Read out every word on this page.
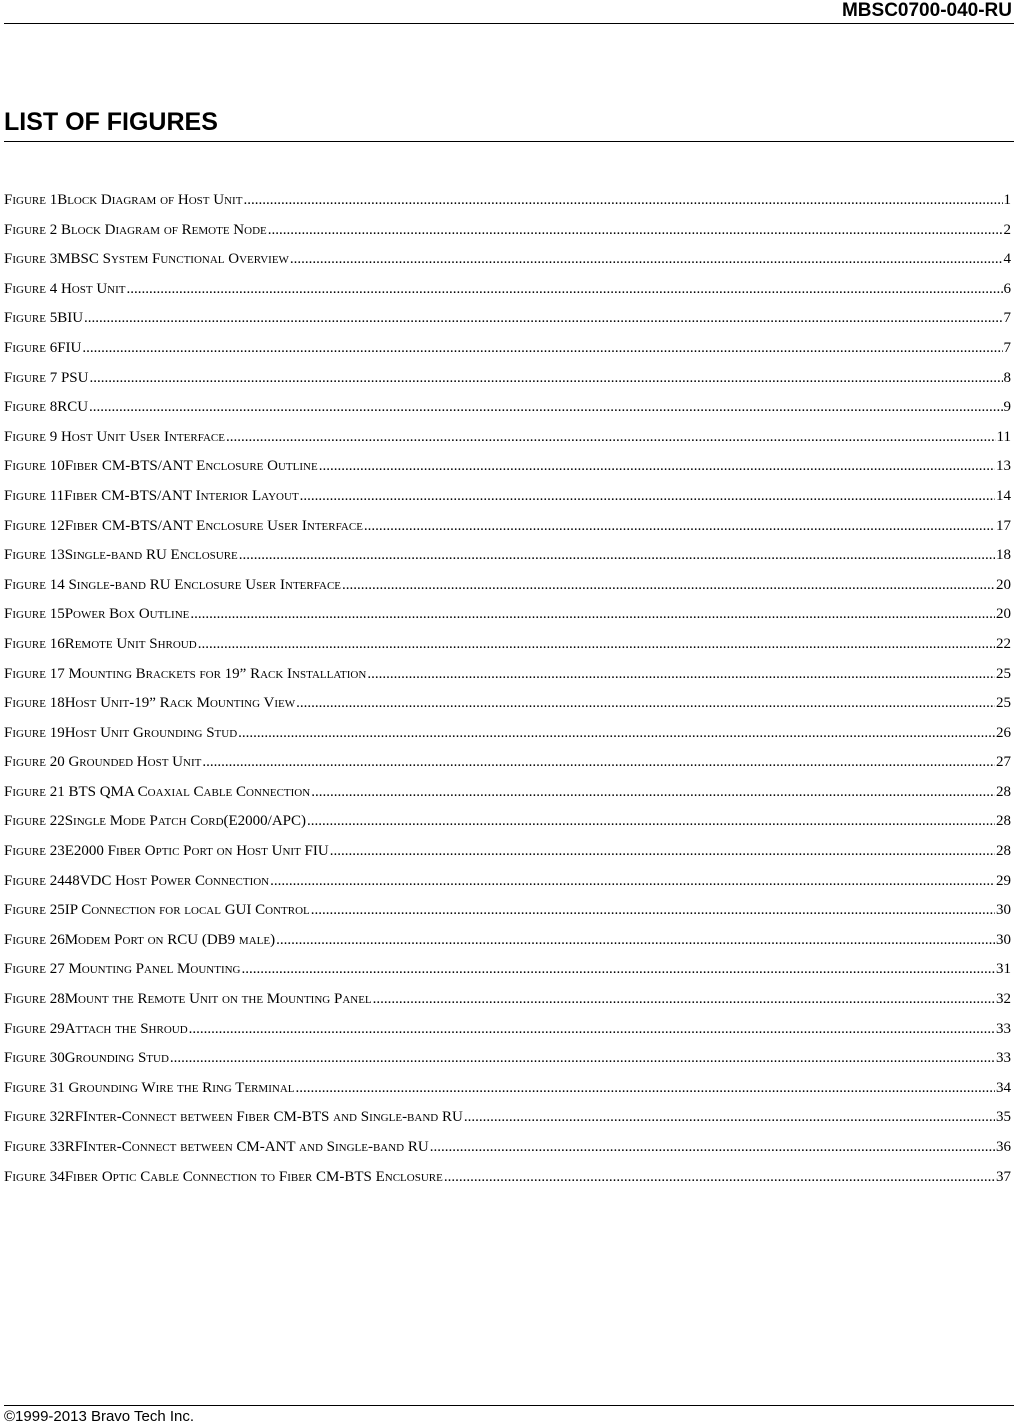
MBSC0700-040-RU
LIST OF FIGURES
Figure 1Block Diagram of Host Unit .....	1
Figure 2 Block Diagram of Remote Node .....	2
Figure 3MBSC System Functional Overview .....	4
Figure 4 Host Unit .....	6
Figure 5BIU .....	7
Figure 6FIU .....	7
Figure 7 PSU .....	8
Figure 8RCU .....	9
Figure 9 Host Unit User Interface .....	11
Figure 10Fiber CM-BTS/ANT Enclosure Outline .....	13
Figure 11Fiber CM-BTS/ANT Interior Layout .....	14
Figure 12Fiber CM-BTS/ANT Enclosure User Interface .....	17
Figure 13Single-band RU Enclosure .....	18
Figure 14 Single-band RU Enclosure User Interface .....	20
Figure 15Power Box Outline .....	20
Figure 16Remote Unit Shroud .....	22
Figure 17 Mounting Brackets for 19” Rack Installation .....	25
Figure 18Host Unit-19” Rack Mounting View .....	25
Figure 19Host Unit Grounding Stud .....	26
Figure 20 Grounded Host Unit .....	27
Figure 21 BTS QMA Coaxial Cable Connection .....	28
Figure 22Single Mode Patch Cord(E2000/APC) .....	28
Figure 23E2000 Fiber Optic Port on Host Unit FIU .....	28
Figure 2448VDC Host Power Connection .....	29
Figure 25IP Connection for local GUI Control .....	30
Figure 26Modem Port on RCU (DB9 male) .....	30
Figure 27 Mounting Panel Mounting .....	31
Figure 28Mount the Remote Unit on the Mounting Panel .....	32
Figure 29Attach the Shroud .....	33
Figure 30Grounding Stud .....	33
Figure 31 Grounding Wire the Ring Terminal .....	34
Figure 32RFInter-Connect between Fiber CM-BTS and Single-band RU .....	35
Figure 33RFInter-Connect between CM-ANT and Single-band RU .....	36
Figure 34Fiber Optic Cable Connection to Fiber CM-BTS Enclosure .....	37
©1999-2013 Bravo Tech Inc.
